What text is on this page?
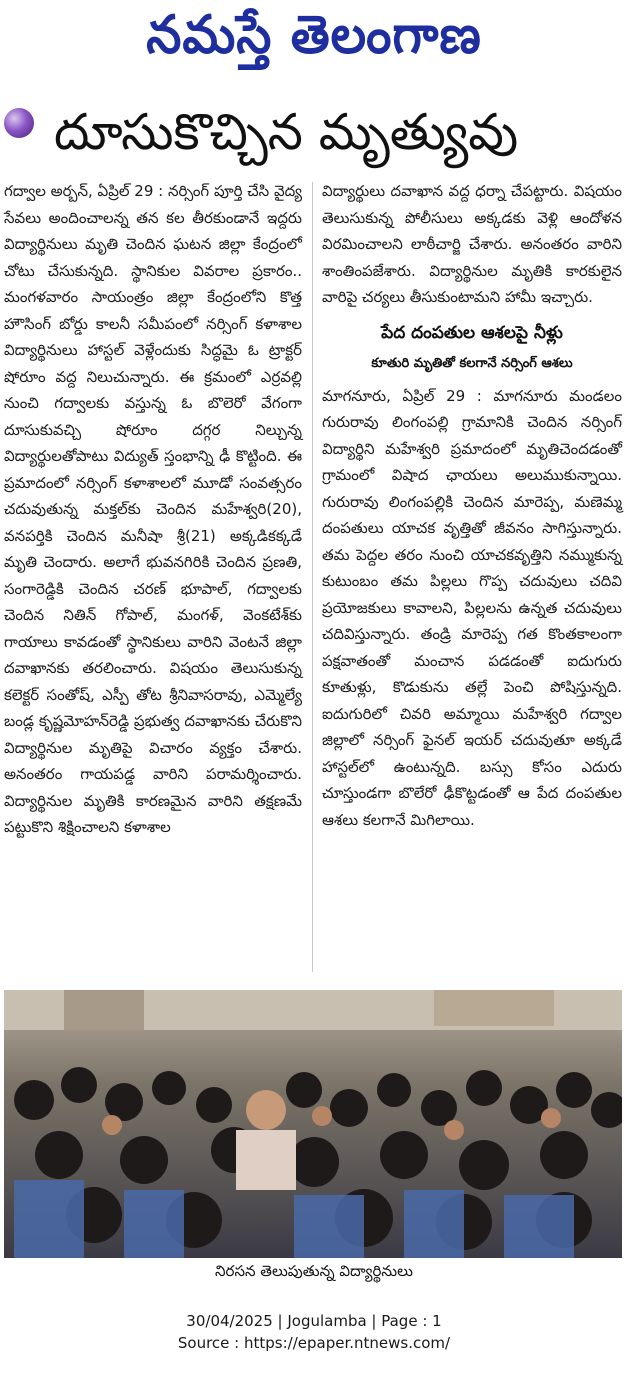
నమస్తే తెలంగాణ
దూసుకొచ్చిన మృత్యువు

గద్వాల అర్బన్, ఏప్రిల్ 29 : నర్సింగ్ పూర్తి చేసి వైద్య సేవలు అందించాలన్న తన కల తీరకుండానే ఇద్దరు విద్యార్థినులు మృతి చెందిన ఘటన జిల్లా కేంద్రంలో చోటు చేసుకున్నది. స్థానికుల వివరాల ప్రకారం.. మంగళవారం సాయంత్రం జిల్లా కేంద్రంలోని కొత్త హౌసింగ్ బోర్డు కాలనీ సమీపంలో నర్సింగ్ కళాశాల విద్యార్థినులు హాస్టల్ వెళ్లేందుకు సిద్ధమై ఓ ట్రాక్టర్ షోరూం వద్ద నిలుచున్నారు. ఈ క్రమంలో ఎర్రవల్లి నుంచి గద్వాలకు వస్తున్న ఓ బొలెరో వేగంగా దూసుకువచ్చి షోరూం దగ్గర నిల్చున్న విద్యార్థులతోపాటు విద్యుత్ స్తంభాన్ని ఢీ కొట్టింది. ఈ ప్రమాదంలో నర్సింగ్ కళాశాలలో మూడో సంవత్సరం చదువుతున్న మక్తల్‌కు చెందిన మహేశ్వరి(20), వనపర్తికి చెందిన మనీషా శ్రీ(21) అక్కడికక్కడే మృతి చెందారు. అలాగే భువనగిరికి చెందిన ప్రణతి, సంగారెడ్డికి చెందిన చరణ్ భూపాల్, గద్వాలకు చెందిన నితిన్ గోపాల్, మంగళ్, వెంకటేశ్‌కు గాయాలు కావడంతో స్థానికులు వారిని వెంటనే జిల్లా దవాఖానకు తరలించారు. విషయం తెలుసుకున్న కలెక్టర్ సంతోష్, ఎస్పీ తోట శ్రీనివాసరావు, ఎమ్మెల్యే బండ్ల కృష్ణమోహన్‌రెడ్డి ప్రభుత్వ దవాఖానకు చేరుకొని విద్యార్థినుల మృతిపై విచారం వ్యక్తం చేశారు. అనంతరం గాయపడ్డ వారిని పరామర్శించారు. విద్యార్థినుల మృతికి కారణమైన వారిని తక్షణమే పట్టుకొని శిక్షించాలని కళాశాల

విద్యార్థులు దవాఖాన వద్ద ధర్నా చేపట్టారు. విషయం తెలుసుకున్న పోలీసులు అక్కడకు వెళ్లి ఆందోళన విరమించాలని లాఠీచార్జి చేశారు. అనంతరం వారిని శాంతింపజేశారు. విద్యార్థినుల మృతికి కారకులైన వారిపై చర్యలు తీసుకుంటామని హామీ ఇచ్చారు.

పేద దంపతుల ఆశలపై నీళ్లు
కూతురి మృతితో కలగానే నర్సింగ్ ఆశలు

మాగనూరు, ఏప్రిల్ 29 : మాగనూరు మండలం గురురావు లింగంపల్లి గ్రామానికి చెందిన నర్సింగ్ విద్యార్థిని మహేశ్వరి ప్రమాదంలో మృతిచెందడంతో గ్రామంలో విషాద ఛాయలు అలుముకున్నాయి. గురురావు లింగంపల్లికి చెందిన మారెప్ప, మణెమ్మ దంపతులు యాచక వృత్తితో జీవనం సాగిస్తున్నారు. తమ పెద్దల తరం నుంచి యాచకవృత్తిని నమ్ముకున్న కుటుంబం తమ పిల్లలు గొప్ప చదువులు చదివి ప్రయోజకులు కావాలని, పిల్లలను ఉన్నత చదువులు చదివిస్తున్నారు. తండ్రి మారెప్ప గత కొంతకాలంగా పక్షవాతంతో మంచాన పడడంతో ఐదుగురు కూతుళ్లు, కొడుకును తల్లే పెంచి పోషిస్తున్నది. ఐదుగురిలో చివరి అమ్మాయి మహేశ్వరి గద్వాల జిల్లాలో నర్సింగ్ ఫైనల్ ఇయర్ చదువుతూ అక్కడే హాస్టల్‌లో ఉంటున్నది. బస్సు కోసం ఎదురు చూస్తుండగా బొలేరో ఢీకొట్టడంతో ఆ పేద దంపతుల ఆశలు కలగానే మిగిలాయి.

నిరసన తెలుపుతున్న విద్యార్థినులు
30/04/2025 | Jogulamba | Page : 1
Source : https://epaper.ntnews.com/
